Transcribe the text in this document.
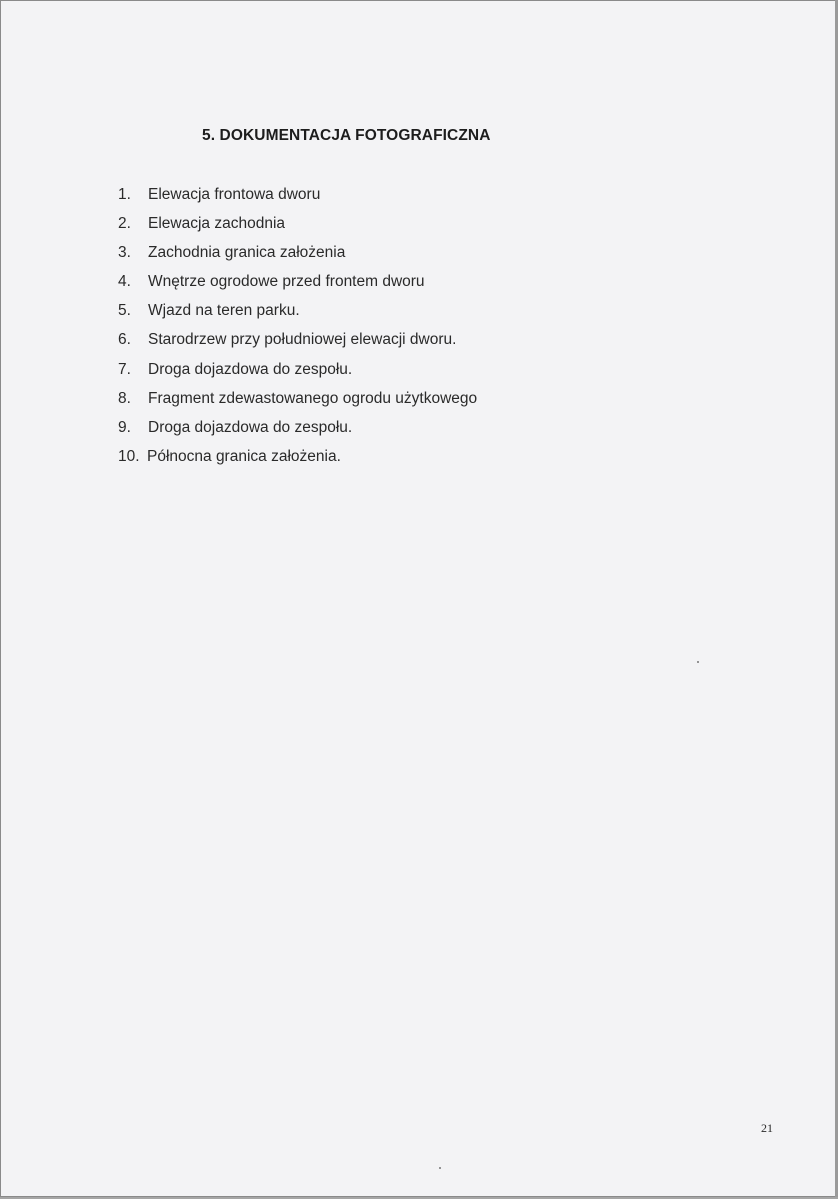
5. DOKUMENTACJA FOTOGRAFICZNA
1. Elewacja frontowa dworu
2. Elewacja zachodnia
3. Zachodnia granica założenia
4. Wnętrze ogrodowe przed frontem dworu
5. Wjazd na teren parku.
6. Starodrzew przy południowej elewacji dworu.
7. Droga dojazdowa do zespołu.
8. Fragment zdewastowanego ogrodu użytkowego
9. Droga dojazdowa do zespołu.
10. Północna granica założenia.
21
